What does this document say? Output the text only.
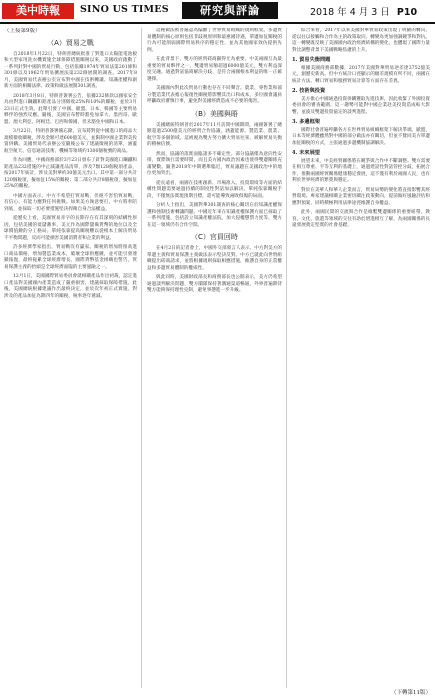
美中時報	SINO US TIMES	研究與評論	2018 年 4 月 3 日 P10
（上接第9版）
（A）貿易之戰

自2018年1月22日，特朗普總統批准了對進口太陽能電池板和大型家用洗衣機實施全球保障措施關稅以來，美國政府啟動了一系列針對中國的貿易行動，包括依據1974年貿易法第201條和301條以及1962年貿易擴展法第232條展開的調查。2017年8月，美國貿易代表辦公室宣布對中國在技術轉讓、知識產權和創新方面的相關法律、政策和做法展開301調查。

2018年3月8日，特朗普簽署公告，依據232條款以國家安全為由對進口鋼鐵和鋁產品分別徵收25%和10%的關稅，並於3月23日正式生效。此舉引發了中國、歐盟、日本、韓國等主要貿易夥伴的強烈反應。隨後，美國宣布暫時豁免加拿大、墨西哥、歐盟、澳大利亞、阿根廷、巴西和韓國，但未豁免中國和日本。

3月22日，特朗普簽署備忘錄，宣布將對從中國進口的商品大規模徵收關稅，涉及金額可達600億美元，並限制中國企業對美投資併購。美國貿易代表辦公室隨後公布了建議徵稅的清單，涵蓋航空航天、信息通訊技術、機械等領域約1300個稅號的商品。

作為回應，中國商務部於3月23日發布了針對美國進口鋼鐵和鋁產品232措施的中止減讓產品清單，涉及7類128個稅項產品，按2017年統計，涉及美對華約30億美元出口。其中第一部分共計120個稅項，擬加征15%的關稅；第二部分共計8個稅項，擬加征25%的關稅。

中國方面表示，中方不希望打貿易戰，但絕不害怕貿易戰，有信心、有能力應對任何挑戰。如果美方執意要打，中方將奉陪到底，並採取一切必要措施堅決捍衛自身合法權益。

從歷史上看，美國貿易赤字的長期存在有其深刻的結構性原因，包括美國的低儲蓄率、美元作為國際儲備貨幣的地位以及全球價值鏈的分工格局。單純依靠提高關稅難以從根本上解決貿易不平衡問題，反而可能損害美國消費者和企業的利益。

許多經濟學家指出，貿易戰沒有贏家。關稅的增加將推高進口商品價格，增加製造業成本，破壞全球供應鏈，並可能引發連鎖報復，最終拖累全球經濟增長。國際貨幣基金組織也警告，貿易保護主義的抬頭是全球經濟面臨的主要風險之一。

12月1日，美國國際貿易委員會就相關產品作出初裁，認定進口產品對美國國內產業造成了嚴重損害，建議採取保障措施。此後，美國總統根據建議作出最終決定，並於次年初正式實施，對涉及的產品加征為期四年的關稅，稅率逐年遞減。

這種做法被普遍認為偏離了世界貿易組織的規則框架。多邊貿易體制的核心原則包括非歧視原則和最惠國待遇，單邊加征關稅的行為可能削弱國際貿易秩序的穩定性，並為其他國家效仿提供先例。

在此背景下，雙方的經貿磋商顯得尤為重要。中美兩國互為最重要的貿易夥伴之一，雙邊貿易額超過6000億美元，雙方利益深度交融。通過對話協商解決分歧，是符合兩國根本利益的唯一正確選擇。

美國國內對此次貿易行動也存在不同聲音。農業、零售業和部分製造業代表擔心報復性關稅將影響其出口和成本，多位國會議員呼籲政府審慎行事，避免對美國經濟造成不必要的傷害。

（B）美國與晤

美國總統特朗普於2017年11月訪問中國期間，兩國簽署了總額超過2500億美元的經貿合作協議，涵蓋能源、製造業、農業、航空等多個領域。這被視為雙方努力擴大貿易往來、緩解貿易失衡的積極信號。

然而，協議的落實面臨諸多不確定性。部分協議僅為意向性安排，實際執行需要時間，而且美方國內政治因素也使得雙邊關係充滿變數。隨著2018年中期選舉臨近，貿易議題在美國政治中的地位更加突出。

從長遠看，兩國在技術創新、市場准入、投資環境等方面的結構性問題需要通過持續的制度性對話加以解決。單純依靠關稅手段，不僅無法實現預期目標，還可能導致兩敗俱傷的局面。

分析人士指出，美國對華301調查的核心關切在於知識產權保護和強制技術轉讓問題。中國近年來在知識產權保護方面已採取了一系列措施，包括設立知識產權法院、加大侵權懲罰力度等，雙方在這一領域仍有合作空間。

（C）官員回時

在4月2日的記者會上，中國外交部發言人表示，中方對美方的單邊主義和貿易保護主義做法表示堅決反對。中方已就此向世貿組織提出磋商請求，並將根據規則採取相應措施，維護自身的正當權益和多邊貿易體制的權威性。

與此同時，美國財政部長和商務部長也公開表示，美方仍希望通過談判解決問題，雙方團隊保持著溝通渠道暢通。外界普遍期待雙方能夠保持理性克制，避免事態進一步升級。

綜合來看，2017年以來美國對華貿易政策出現了明顯的轉向。從以往以接觸和合作為主的政策取向，轉變為更加強調競爭和對抗。這一轉變既反映了美國國內政治經濟結構的變化，也體現了國際力量對比調整背景下美國戰略焦慮的上升。

1. 貿易失衡問題

根據美國商務部數據，2017年美國對華貿易逆差達3752億美元，創歷史新高。但中方統計口徑顯示的順差規模有所不同，兩國在統計方法、轉口貿易和服務貿易計算等方面存在差異。

2. 技術與投資

美方擔心中國通過投資併購獲取先進技術，因此收緊了外國投資委員會的審查範圍。這一趨勢可能對中國企業赴美投資造成較大影響，並波及雙邊投資協定的談判進程。

3. 多邊框架

國際社會普遍呼籲各方在世界貿易組織框架下解決爭端。歐盟、日本等經濟體雖然對中國的部分做法亦有關切，但並不贊同美方單邊加征關稅的方式，主張通過多邊機制協調解決。

4. 未來展望

展望未來，中美經貿關係將在競爭與合作中不斷調整。雙方需要在相互尊重、平等互利的基礎上，通過建設性對話管控分歧，拓展合作，推動兩國經貿關係健康穩定發展，這不僅有利於兩國人民，也有利於世界經濟的繁榮與穩定。

對於在美華人和華人企業而言，貿易局勢的變化將直接影響其經營環境。專家建議相關企業密切關注政策動向，提前做好風險評估和應對預案，同時積極利用法律途徑維護自身權益。

此外，兩國民間的交流與合作是維繫雙邊關係的重要紐帶。教育、文化、旅遊等領域的交往有助於增進相互了解，為兩國關係的長遠發展奠定堅實的社會基礎。

（下轉第11版）
